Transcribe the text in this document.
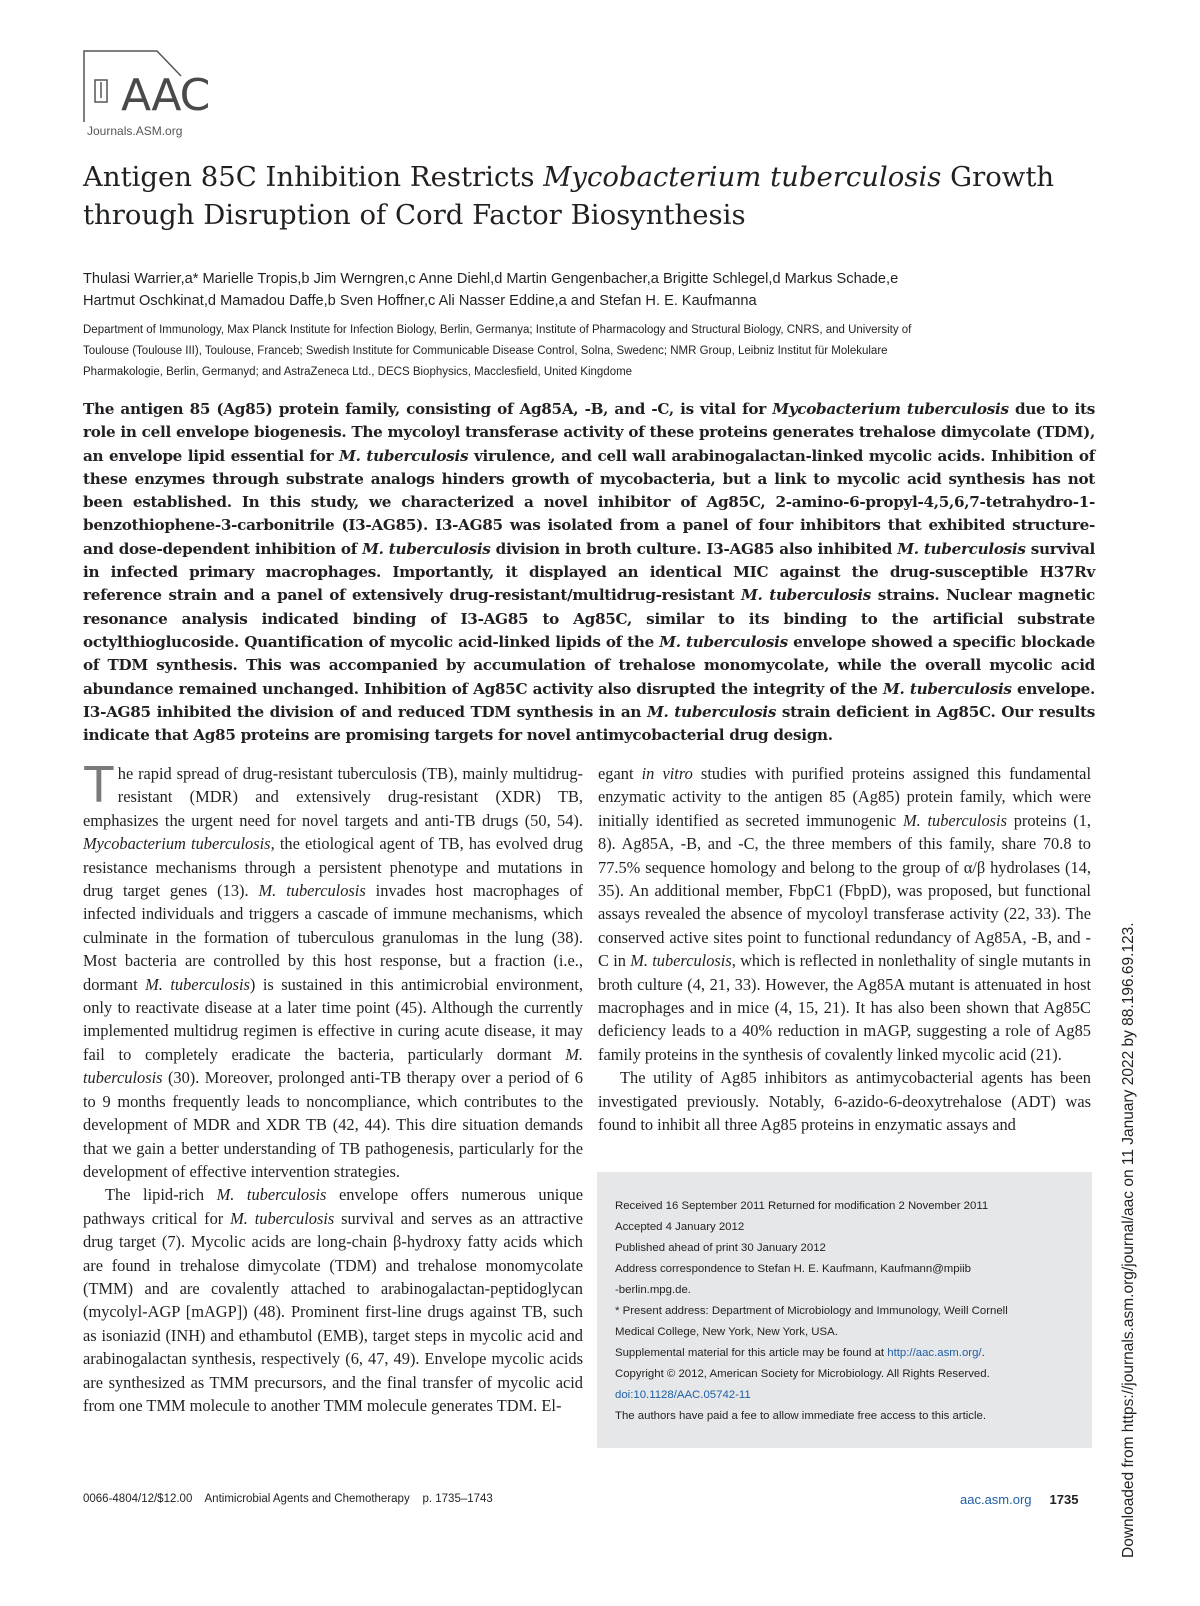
AAC
Journals.ASM.org
Antigen 85C Inhibition Restricts Mycobacterium tuberculosis Growth
through Disruption of Cord Factor Biosynthesis
Thulasi Warrier,a* Marielle Tropis,b Jim Werngren,c Anne Diehl,d Martin Gengenbacher,a Brigitte Schlegel,d Markus Schade,e
Hartmut Oschkinat,d Mamadou Daffe,b Sven Hoffner,c Ali Nasser Eddine,a and Stefan H. E. Kaufmanna
Department of Immunology, Max Planck Institute for Infection Biology, Berlin, Germanya; Institute of Pharmacology and Structural Biology, CNRS, and University of
Toulouse (Toulouse III), Toulouse, Franceb; Swedish Institute for Communicable Disease Control, Solna, Swedenc; NMR Group, Leibniz Institut für Molekulare
Pharmakologie, Berlin, Germanyd; and AstraZeneca Ltd., DECS Biophysics, Macclesfield, United Kingdome
The antigen 85 (Ag85) protein family, consisting of Ag85A, -B, and -C, is vital for Mycobacterium tuberculosis due to its role in cell envelope biogenesis. The mycoloyl transferase activity of these proteins generates trehalose dimycolate (TDM), an envelope lipid essential for M. tuberculosis virulence, and cell wall arabinogalactan-linked mycolic acids. Inhibition of these enzymes through substrate analogs hinders growth of mycobacteria, but a link to mycolic acid synthesis has not been established. In this study, we characterized a novel inhibitor of Ag85C, 2-amino-6-propyl-4,5,6,7-tetrahydro-1-benzothiophene-3-carbonitrile (I3-AG85). I3-AG85 was isolated from a panel of four inhibitors that exhibited structure- and dose-dependent inhibition of M. tuberculosis division in broth culture. I3-AG85 also inhibited M. tuberculosis survival in infected primary macrophages. Importantly, it displayed an identical MIC against the drug-susceptible H37Rv reference strain and a panel of extensively drug-resistant/multidrug-resistant M. tuberculosis strains. Nuclear magnetic resonance analysis indicated binding of I3-AG85 to Ag85C, similar to its binding to the artificial substrate octylthioglucoside. Quantification of mycolic acid-linked lipids of the M. tuberculosis envelope showed a specific blockade of TDM synthesis. This was accompanied by accumulation of trehalose monomycolate, while the overall mycolic acid abundance remained unchanged. Inhibition of Ag85C activity also disrupted the integrity of the M. tuberculosis envelope. I3-AG85 inhibited the division of and reduced TDM synthesis in an M. tuberculosis strain deficient in Ag85C. Our results indicate that Ag85 proteins are promising targets for novel antimycobacterial drug design.

The rapid spread of drug-resistant tuberculosis (TB), mainly multidrug-resistant (MDR) and extensively drug-resistant (XDR) TB, emphasizes the urgent need for novel targets and anti-TB drugs (50, 54). Mycobacterium tuberculosis, the etiological agent of TB, has evolved drug resistance mechanisms through a persistent phenotype and mutations in drug target genes (13). M. tuberculosis invades host macrophages of infected individuals and triggers a cascade of immune mechanisms, which culminate in the formation of tuberculous granulomas in the lung (38). Most bacteria are controlled by this host response, but a fraction (i.e., dormant M. tuberculosis) is sustained in this antimicrobial environment, only to reactivate disease at a later time point (45). Although the currently implemented multidrug regimen is effective in curing acute disease, it may fail to completely eradicate the bacteria, particularly dormant M. tuberculosis (30). Moreover, prolonged anti-TB therapy over a period of 6 to 9 months frequently leads to noncompliance, which contributes to the development of MDR and XDR TB (42, 44). This dire situation demands that we gain a better understanding of TB pathogenesis, particularly for the development of effective intervention strategies.

The lipid-rich M. tuberculosis envelope offers numerous unique pathways critical for M. tuberculosis survival and serves as an attractive drug target (7). Mycolic acids are long-chain β-hydroxy fatty acids which are found in trehalose dimycolate (TDM) and trehalose monomycolate (TMM) and are covalently attached to arabinogalactan-peptidoglycan (mycolyl-AGP [mAGP]) (48). Prominent first-line drugs against TB, such as isoniazid (INH) and ethambutol (EMB), target steps in mycolic acid and arabinogalactan synthesis, respectively (6, 47, 49). Envelope mycolic acids are synthesized as TMM precursors, and the final transfer of mycolic acid from one TMM molecule to another TMM molecule generates TDM. El-

egant in vitro studies with purified proteins assigned this fundamental enzymatic activity to the antigen 85 (Ag85) protein family, which were initially identified as secreted immunogenic M. tuberculosis proteins (1, 8). Ag85A, -B, and -C, the three members of this family, share 70.8 to 77.5% sequence homology and belong to the group of α/β hydrolases (14, 35). An additional member, FbpC1 (FbpD), was proposed, but functional assays revealed the absence of mycoloyl transferase activity (22, 33). The conserved active sites point to functional redundancy of Ag85A, -B, and -C in M. tuberculosis, which is reflected in nonlethality of single mutants in broth culture (4, 21, 33). However, the Ag85A mutant is attenuated in host macrophages and in mice (4, 15, 21). It has also been shown that Ag85C deficiency leads to a 40% reduction in mAGP, suggesting a role of Ag85 family proteins in the synthesis of covalently linked mycolic acid (21).

The utility of Ag85 inhibitors as antimycobacterial agents has been investigated previously. Notably, 6-azido-6-deoxytrehalose (ADT) was found to inhibit all three Ag85 proteins in enzymatic assays and

Received 16 September 2011 Returned for modification 2 November 2011
Accepted 4 January 2012
Published ahead of print 30 January 2012
Address correspondence to Stefan H. E. Kaufmann, Kaufmann@mpiib
-berlin.mpg.de.
* Present address: Department of Microbiology and Immunology, Weill Cornell
Medical College, New York, New York, USA.
Supplemental material for this article may be found at http://aac.asm.org/.
Copyright © 2012, American Society for Microbiology. All Rights Reserved.
doi:10.1128/AAC.05742-11
The authors have paid a fee to allow immediate free access to this article.
0066-4804/12/$12.00    Antimicrobial Agents and Chemotherapy    p. 1735–1743	aac.asm.org 1735	Downloaded from https://journals.asm.org/journal/aac on 11 January 2022 by 88.196.69.123.
